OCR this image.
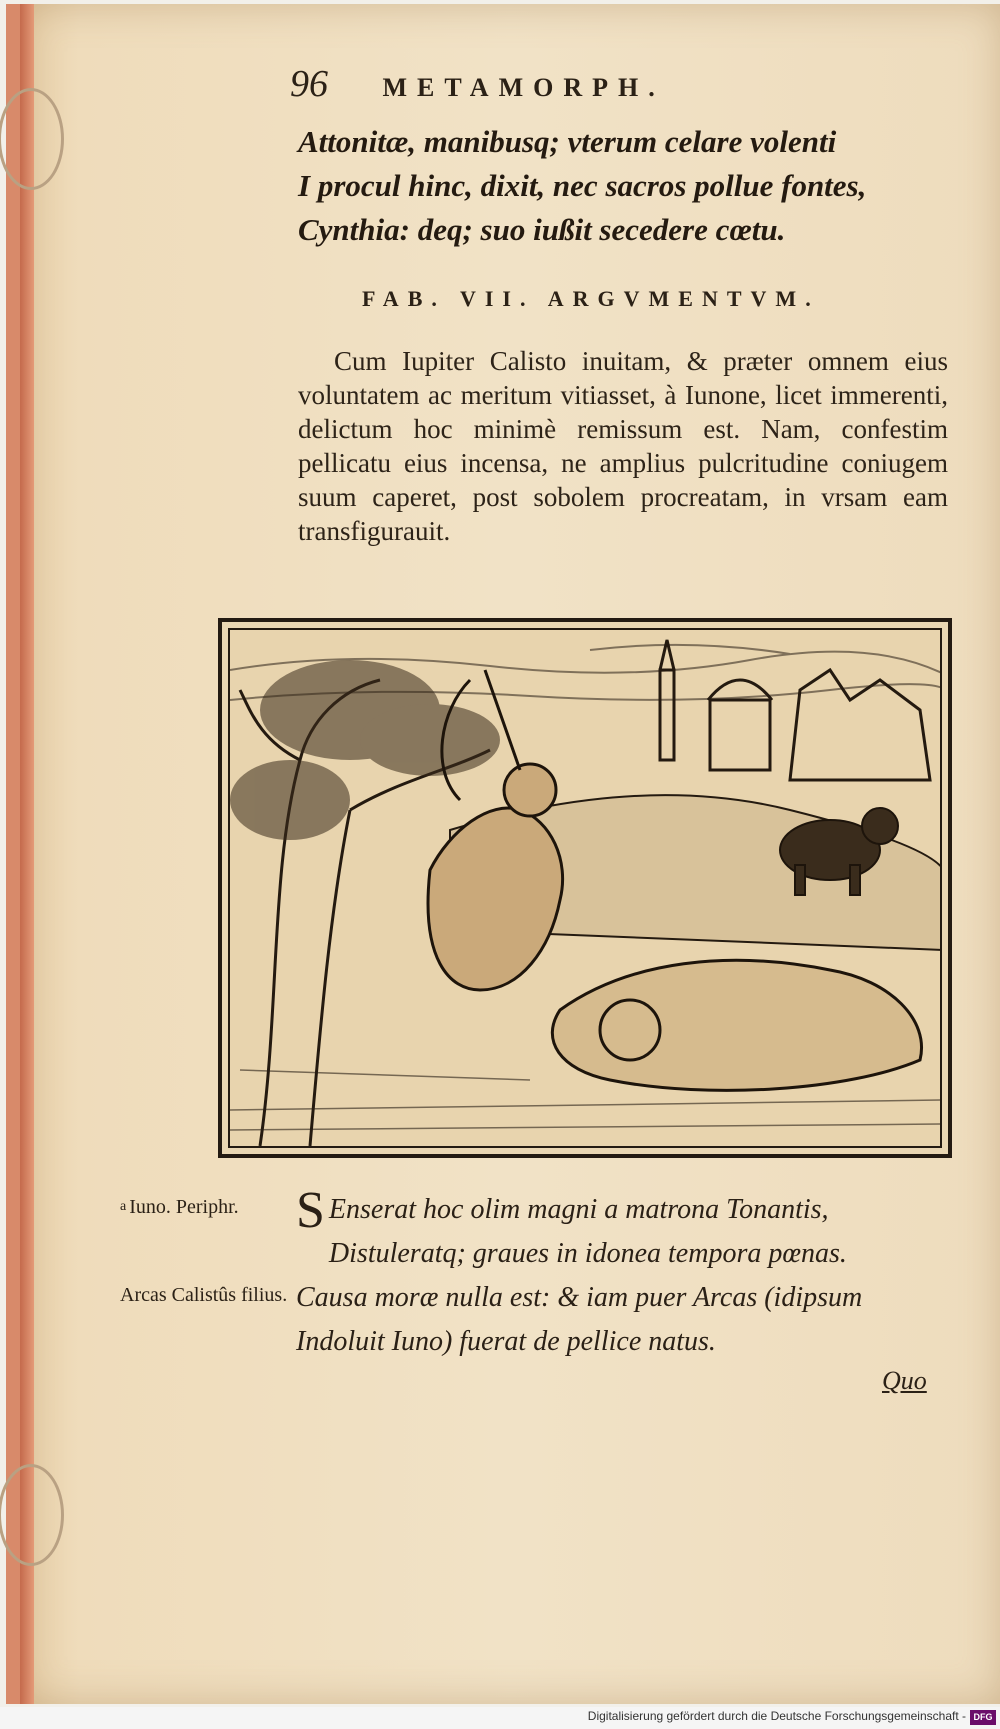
96 METAMORPH.
Attonitæ, manibusq; vterum celare volenti
I procul hinc, dixit, nec sacros pollue fontes,
Cynthia: deq; suo iußit secedere cœtu.
FAB. VII. ARGVMENTVM.

Cum Iupiter Calisto inuitam, & præter omnem eius voluntatem ac meritum vitiasset, à Iunone, licet immerenti, delictum hoc minimè remissum est. Nam, confestim pellicatu eius incensa, ne amplius pulcritudine coniugem suum caperet, post sobolem procreatam, in vrsam eam transfigurauit.

$^a$ Iuno. Periphr.
Arcas Calistûs filius.
S Enserat hoc olim magni a matrona Tonantis,
Distuleratq; graues in idonea tempora pœnas.
Causa moræ nulla est: & iam puer Arcas (idipsum
Indoluit Iuno) fuerat de pellice natus.
Quo
Digitalisierung gefördert durch die Deutsche Forschungsgemeinschaft - DFG
